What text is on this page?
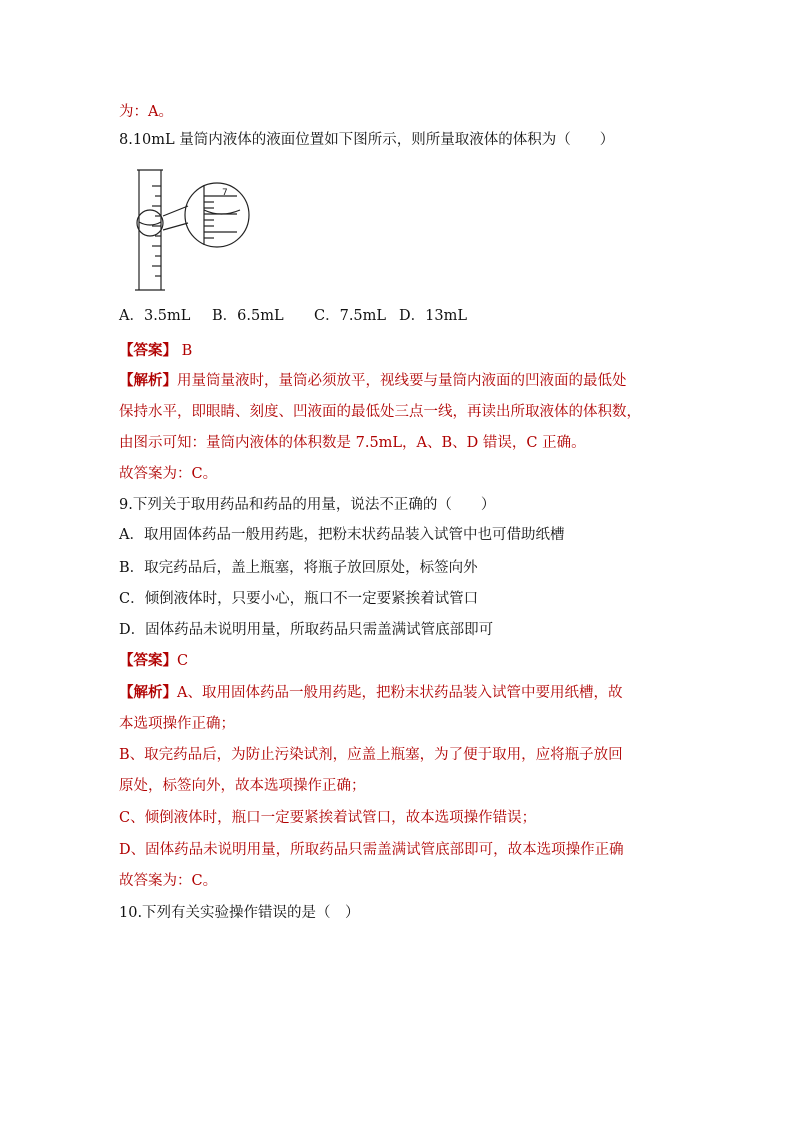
为：A。
8.10mL 量筒内液体的液面位置如下图所示，则所量取液体的体积为（　　）
7
A．3.5mL B．6.5mL C．7.5mL D．13mL
【答案】 B
【解析】用量筒量液时，量筒必须放平，视线要与量筒内液面的凹液面的最低处
保持水平，即眼睛、刻度、凹液面的最低处三点一线，再读出所取液体的体积数，
由图示可知：量筒内液体的体积数是 7.5mL，A、B、D 错误，C 正确。
故答案为：C。
9.下列关于取用药品和药品的用量，说法不正确的（　　）
A．取用固体药品一般用药匙，把粉末状药品装入试管中也可借助纸槽
B．取完药品后，盖上瓶塞，将瓶子放回原处，标签向外
C．倾倒液体时，只要小心，瓶口不一定要紧挨着试管口
D．固体药品未说明用量，所取药品只需盖满试管底部即可
【答案】C
【解析】A、取用固体药品一般用药匙，把粉末状药品装入试管中要用纸槽，故
本选项操作正确；
B、取完药品后，为防止污染试剂，应盖上瓶塞，为了便于取用，应将瓶子放回
原处，标签向外，故本选项操作正确；
C、倾倒液体时，瓶口一定要紧挨着试管口，故本选项操作错误；
D、固体药品未说明用量，所取药品只需盖满试管底部即可，故本选项操作正确
故答案为：C。
10.下列有关实验操作错误的是（　）
